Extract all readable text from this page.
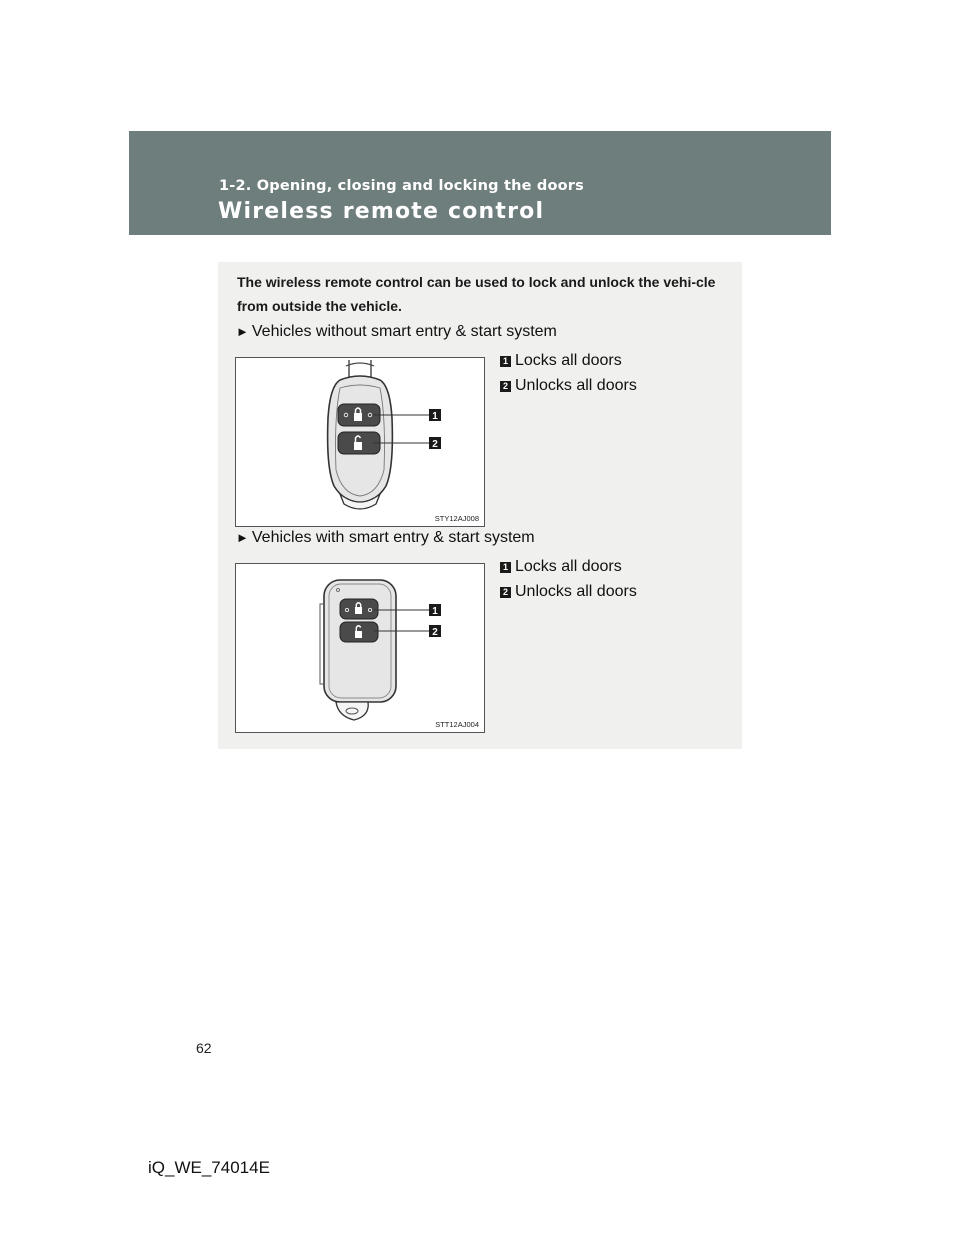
1-2. Opening, closing and locking the doors
Wireless remote control
The wireless remote control can be used to lock and unlock the vehi-cle from outside the vehicle.
► Vehicles without smart entry & start system
1
2
STY12AJ008
1 Locks all doors
2 Unlocks all doors
► Vehicles with smart entry & start system
1
2
STT12AJ004
1 Locks all doors
2 Unlocks all doors
62
iQ_WE_74014E
